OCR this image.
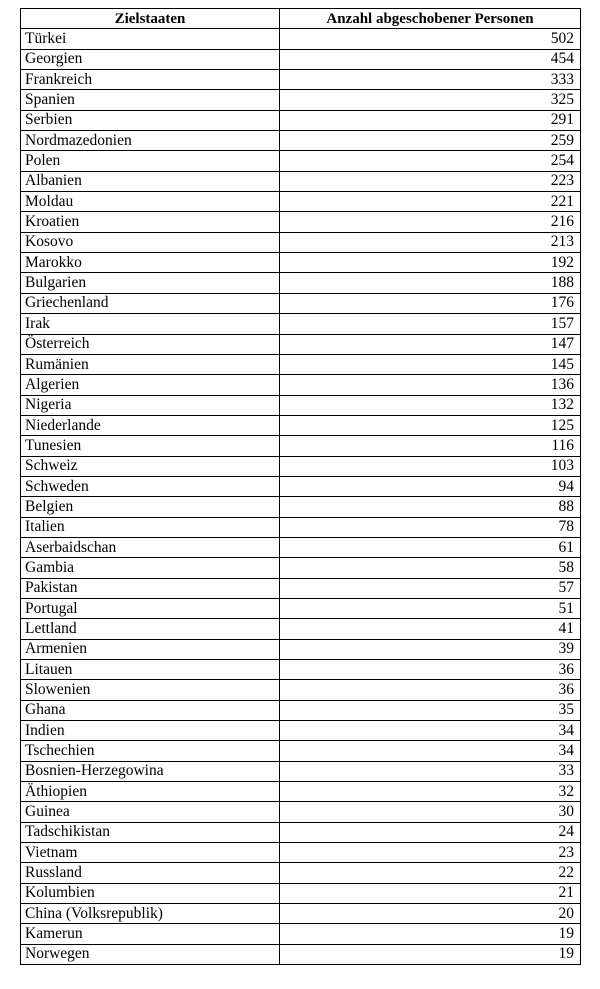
Zielstaaten	Anzahl abgeschobener Personen
Türkei	502
Georgien	454
Frankreich	333
Spanien	325
Serbien	291
Nordmazedonien	259
Polen	254
Albanien	223
Moldau	221
Kroatien	216
Kosovo	213
Marokko	192
Bulgarien	188
Griechenland	176
Irak	157
Österreich	147
Rumänien	145
Algerien	136
Nigeria	132
Niederlande	125
Tunesien	116
Schweiz	103
Schweden	94
Belgien	88
Italien	78
Aserbaidschan	61
Gambia	58
Pakistan	57
Portugal	51
Lettland	41
Armenien	39
Litauen	36
Slowenien	36
Ghana	35
Indien	34
Tschechien	34
Bosnien-Herzegowina	33
Äthiopien	32
Guinea	30
Tadschikistan	24
Vietnam	23
Russland	22
Kolumbien	21
China (Volksrepublik)	20
Kamerun	19
Norwegen	19
